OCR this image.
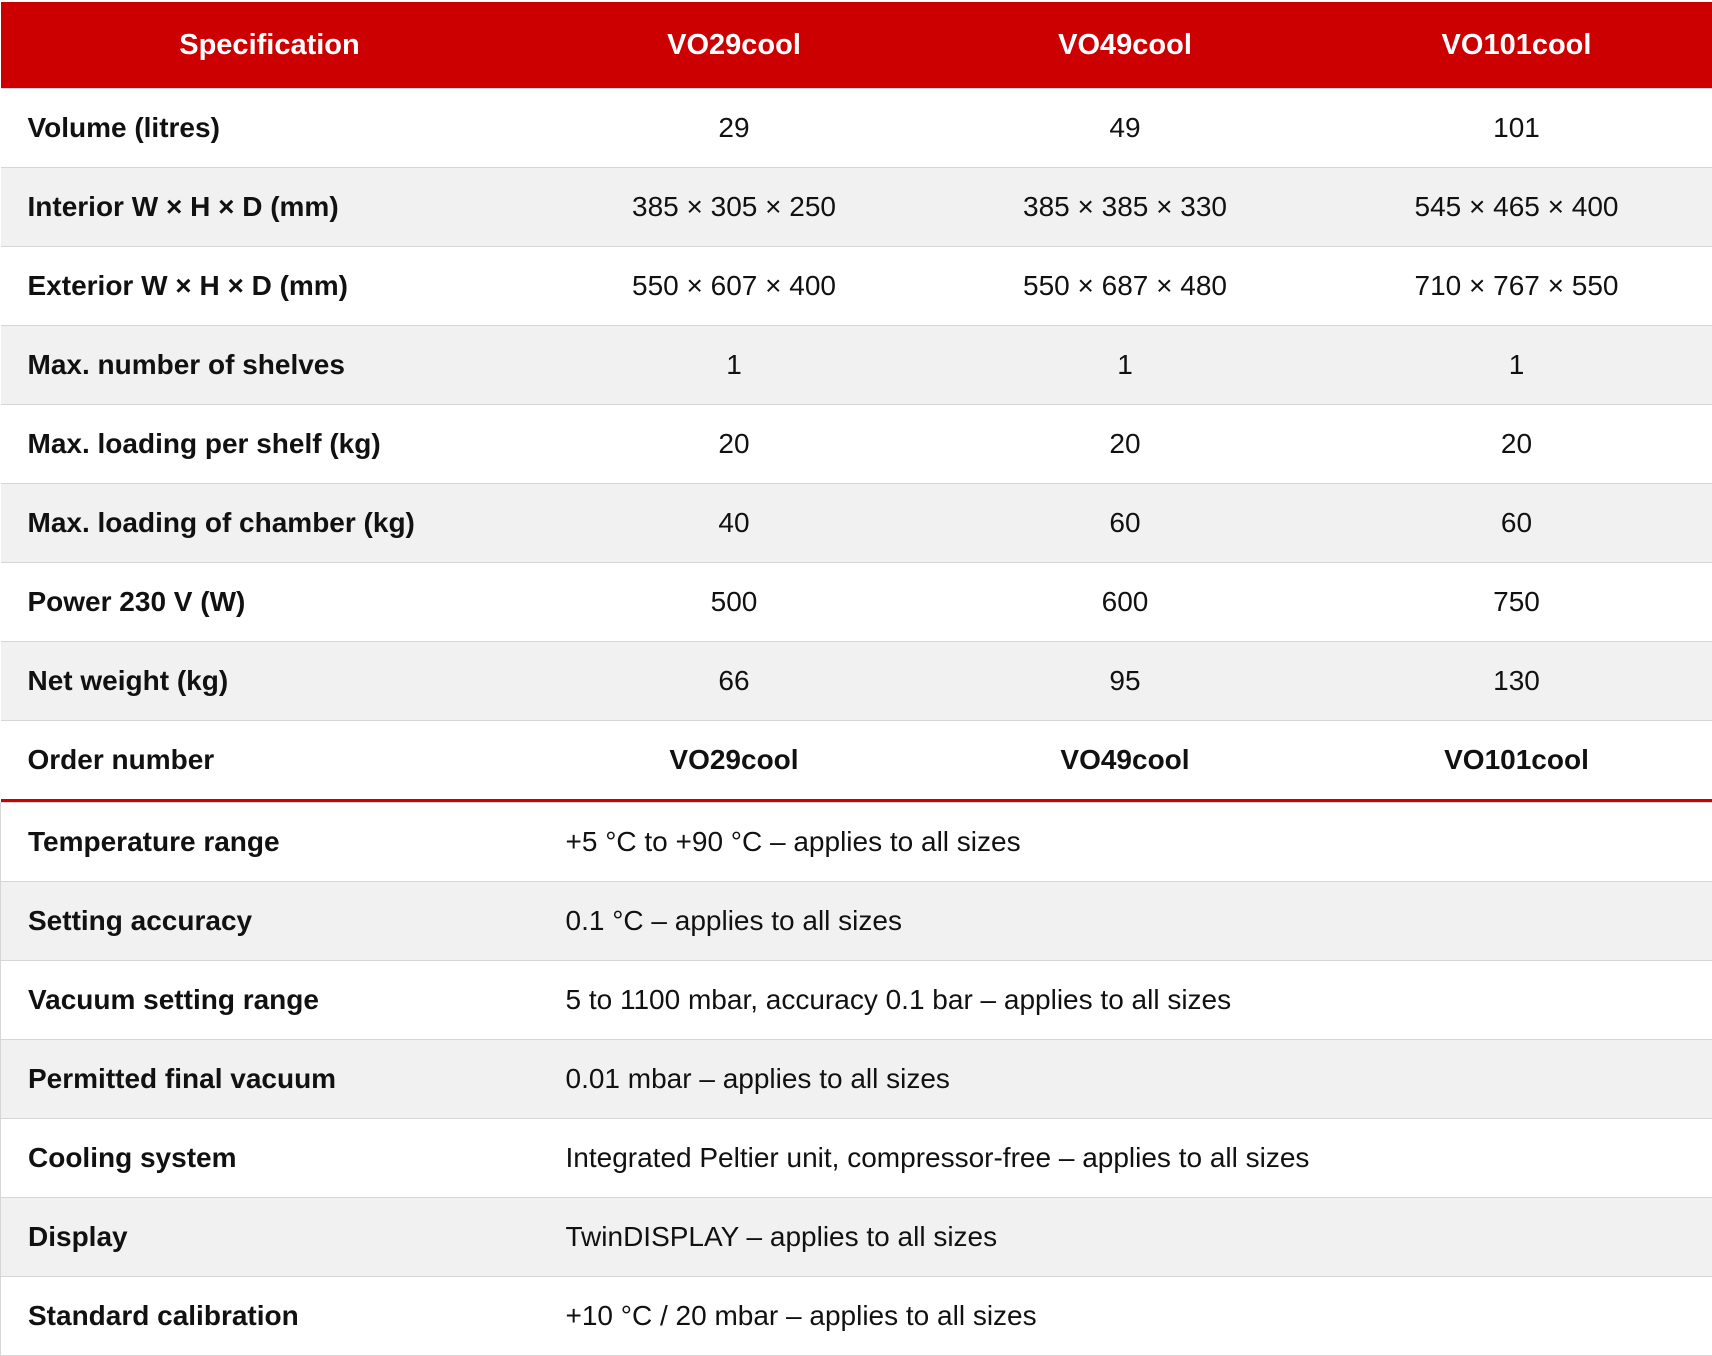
Specification	VO29cool	VO49cool	VO101cool
Volume (litres)	29	49	101
Interior W × H × D (mm)	385 × 305 × 250	385 × 385 × 330	545 × 465 × 400
Exterior W × H × D (mm)	550 × 607 × 400	550 × 687 × 480	710 × 767 × 550
Max. number of shelves	1	1	1
Max. loading per shelf (kg)	20	20	20
Max. loading of chamber (kg)	40	60	60
Power 230 V (W)	500	600	750
Net weight (kg)	66	95	130
Order number	VO29cool	VO49cool	VO101cool

Temperature range	+5 °C to +90 °C – applies to all sizes		
Setting accuracy	0.1 °C – applies to all sizes		
Vacuum setting range	5 to 1100 mbar, accuracy 0.1 bar – applies to all sizes		
Permitted final vacuum	0.01 mbar – applies to all sizes		
Cooling system	Integrated Peltier unit, compressor-free – applies to all sizes		
Display	TwinDISPLAY – applies to all sizes		
Standard calibration	+10 °C / 20 mbar – applies to all sizes		
